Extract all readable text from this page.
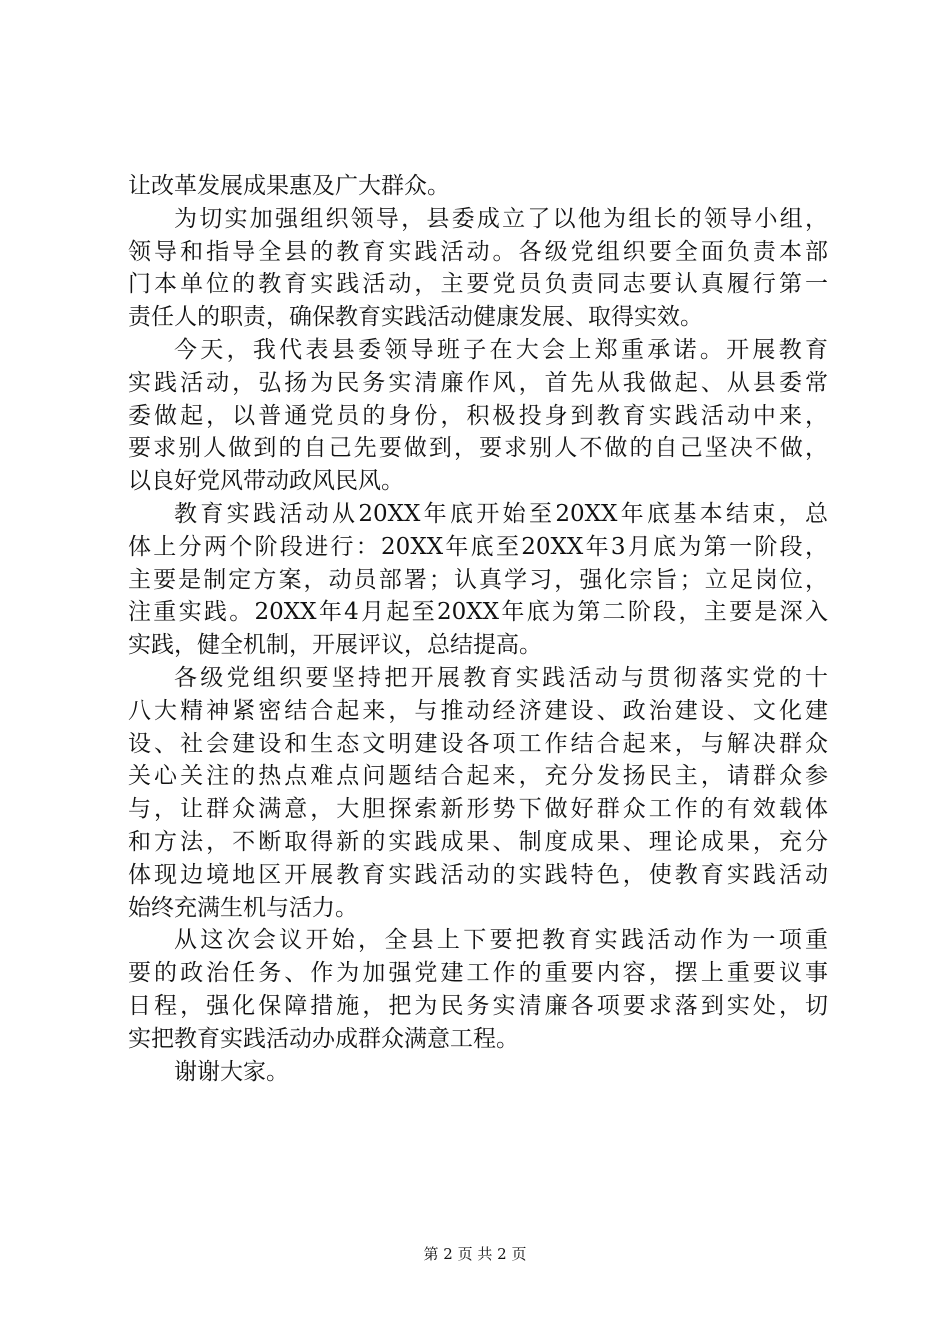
让改革发展成果惠及广大群众。
为切实加强组织领导，县委成立了以他为组长的领导小组，
领导和指导全县的教育实践活动。各级党组织要全面负责本部
门本单位的教育实践活动，主要党员负责同志要认真履行第一
责任人的职责，确保教育实践活动健康发展、取得实效。
今天，我代表县委领导班子在大会上郑重承诺。开展教育
实践活动，弘扬为民务实清廉作风，首先从我做起、从县委常
委做起，以普通党员的身份，积极投身到教育实践活动中来，
要求别人做到的自己先要做到，要求别人不做的自己坚决不做，
以良好党风带动政风民风。
教育实践活动从20XX年底开始至20XX年底基本结束，总
体上分两个阶段进行：20XX年底至20XX年3月底为第一阶段，
主要是制定方案，动员部署；认真学习，强化宗旨；立足岗位，
注重实践。20XX年4月起至20XX年底为第二阶段，主要是深入
实践，健全机制，开展评议，总结提高。
各级党组织要坚持把开展教育实践活动与贯彻落实党的十
八大精神紧密结合起来，与推动经济建设、政治建设、文化建
设、社会建设和生态文明建设各项工作结合起来，与解决群众
关心关注的热点难点问题结合起来，充分发扬民主，请群众参
与，让群众满意，大胆探索新形势下做好群众工作的有效载体
和方法，不断取得新的实践成果、制度成果、理论成果，充分
体现边境地区开展教育实践活动的实践特色，使教育实践活动
始终充满生机与活力。
从这次会议开始，全县上下要把教育实践活动作为一项重
要的政治任务、作为加强党建工作的重要内容，摆上重要议事
日程，强化保障措施，把为民务实清廉各项要求落到实处，切
实把教育实践活动办成群众满意工程。
谢谢大家。
第 2 页 共 2 页
